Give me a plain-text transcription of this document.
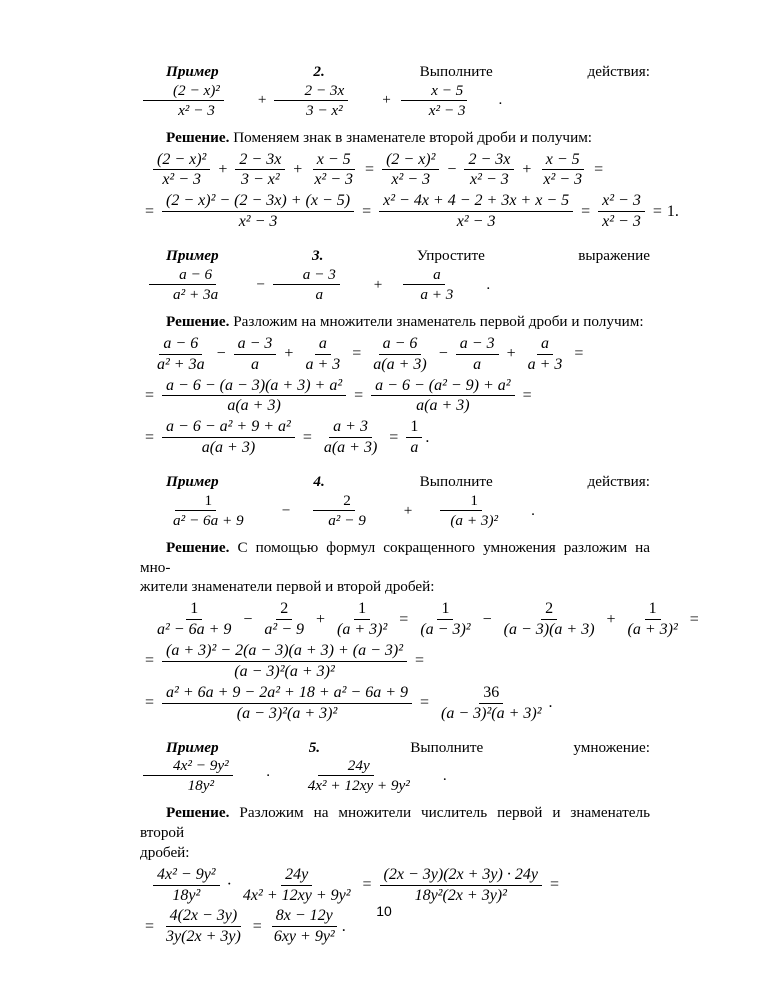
Пример 2.	Выполните действия:
$\frac{\text{(2 − x)²}}{\text{x² − 3}}$	+ $\frac{2 - 3x}{\text{3 − x²}}$	+ $\frac{x - 5}{\text{x² − 3}}$	.

Решение. Поменяем знак в знаменателе второй дроби и получим:

$\frac{\text{(2 − x)²}}{\text{x² − 3}} + \frac{2 - 3x}{\text{3 − x²}} + \frac{x - 5}{\text{x² − 3}} = \frac{\text{(2 − x)²}}{\text{x² − 3}} - \frac{2 - 3x}{\text{x² − 3}} + \frac{x - 5}{\text{x² − 3}}$ =
= $\frac{\text{(2 − x)² − (2 − 3x) + (x − 5)}}{\text{x² − 3}} = \frac{\text{x² − 4x + 4 − 2 + 3x + x − 5}}{\text{x² − 3}} = \frac{\text{x² − 3}}{\text{x² − 3}} = 1$.

Пример 3.	Упростите выражение
$\frac{a - 6}{\text{a² + 3a}}$	− $\frac{a - 3}{a}$	+ $\frac{a}{a + 3}$	.

Решение. Разложим на множители знаменатель первой дроби и получим:

$\frac{a - 6}{\text{a² + 3a}} - \frac{a - 3}{a} + \frac{a}{a + 3} = \frac{a - 6}{a(a + 3)} - \frac{a - 3}{a} + \frac{a}{a + 3}$ =
= $\frac{\text{a − 6 − (a − 3)(a + 3) + a²}}{a(a + 3)} = \frac{\text{a − 6 − (a² − 9) + a²}}{a(a + 3)}$ =
= $\frac{\text{a − 6 − a² + 9 + a²}}{a(a + 3)} = \frac{a + 3}{a(a + 3)} = \frac{1}{a}$ .

Пример 4.	Выполните действия:
$\frac{1}{\text{a² − 6a + 9}}$	− $\frac{2}{\text{a² − 9}}$	+ $\frac{1}{\text{(a + 3)²}}$	.

Решение. С помощью формул сокращенного умножения разложим на мно-
жители знаменатели первой и второй дробей:

$\frac{1}{\text{a² − 6a + 9}} - \frac{2}{\text{a² − 9}} + \frac{1}{\text{(a + 3)²}} = \frac{1}{\text{(a − 3)²}} - \frac{2}{(a - 3)(a + 3)} + \frac{1}{\text{(a + 3)²}}$ =
= $\frac{\text{(a + 3)² − 2(a − 3)(a + 3) + (a − 3)²}}{\text{(a − 3)²(a + 3)²}}$ =
= $\frac{\text{a² + 6a + 9 − 2a² + 18 + a² − 6a + 9}}{\text{(a − 3)²(a + 3)²}} = \frac{36}{\text{(a − 3)²(a + 3)²}}$ .

Пример 5.	Выполните умножение:
$\frac{\text{4x² − 9y²}}{\text{18y²}}$	· $\frac{24y}{\text{4x² + 12xy + 9y²}}$	.

Решение. Разложим на множители числитель первой и знаменатель второй
дробей:

$\frac{\text{4x² − 9y²}}{\text{18y²}} \cdot \frac{24y}{\text{4x² + 12xy + 9y²}} = \frac{(2x - 3y)(2x + 3y) \cdot 24y}{\text{18y²(2x + 3y)²}}$ =
= $\frac{4(2x - 3y)}{3y(2x + 3y)} = \frac{8x - 12y}{\text{6xy + 9y²}}$ .
10
